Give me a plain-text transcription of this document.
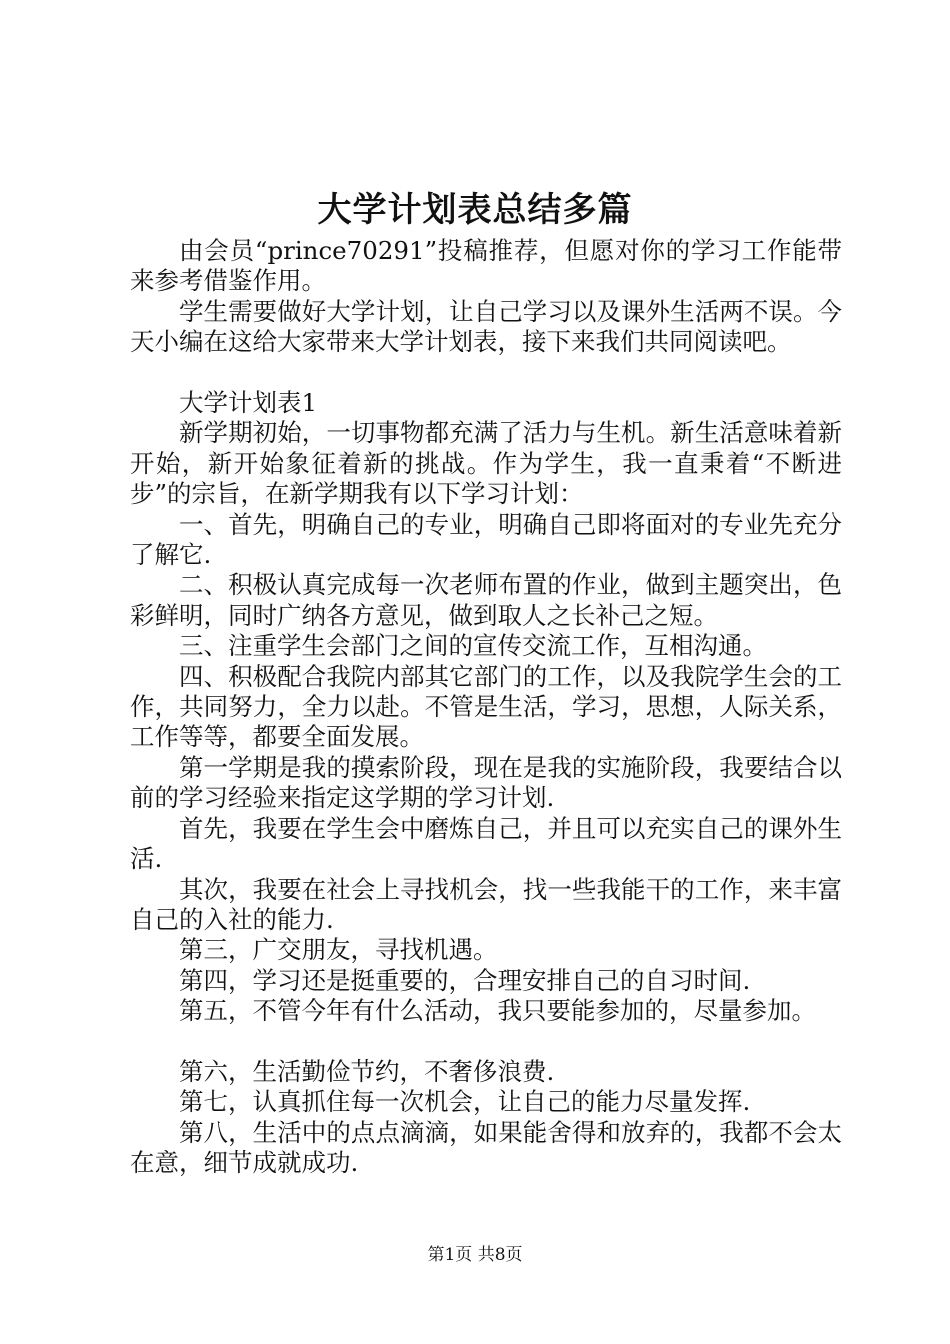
大学计划表总结多篇

由会员“prince70291”投稿推荐，但愿对你的学习工作能带来参考借鉴作用。

学生需要做好大学计划，让自己学习以及课外生活两不误。今天小编在这给大家带来大学计划表，接下来我们共同阅读吧。

大学计划表1

新学期初始，一切事物都充满了活力与生机。新生活意味着新开始，新开始象征着新的挑战。作为学生，我一直秉着“不断进步”的宗旨，在新学期我有以下学习计划：

一、首先，明确自己的专业，明确自己即将面对的专业先充分了解它.

二、积极认真完成每一次老师布置的作业，做到主题突出，色彩鲜明，同时广纳各方意见，做到取人之长补己之短。

三、注重学生会部门之间的宣传交流工作，互相沟通。

四、积极配合我院内部其它部门的工作，以及我院学生会的工作，共同努力，全力以赴。不管是生活，学习，思想，人际关系，工作等等，都要全面发展。

第一学期是我的摸索阶段，现在是我的实施阶段，我要结合以前的学习经验来指定这学期的学习计划.

首先，我要在学生会中磨炼自己，并且可以充实自己的课外生活.

其次，我要在社会上寻找机会，找一些我能干的工作，来丰富自己的入社的能力.

第三，广交朋友，寻找机遇。

第四，学习还是挺重要的，合理安排自己的自习时间.

第五，不管今年有什么活动，我只要能参加的，尽量参加。

第六，生活勤俭节约，不奢侈浪费.

第七，认真抓住每一次机会，让自己的能力尽量发挥.

第八，生活中的点点滴滴，如果能舍得和放弃的，我都不会太在意，细节成就成功.

第1页 共8页
